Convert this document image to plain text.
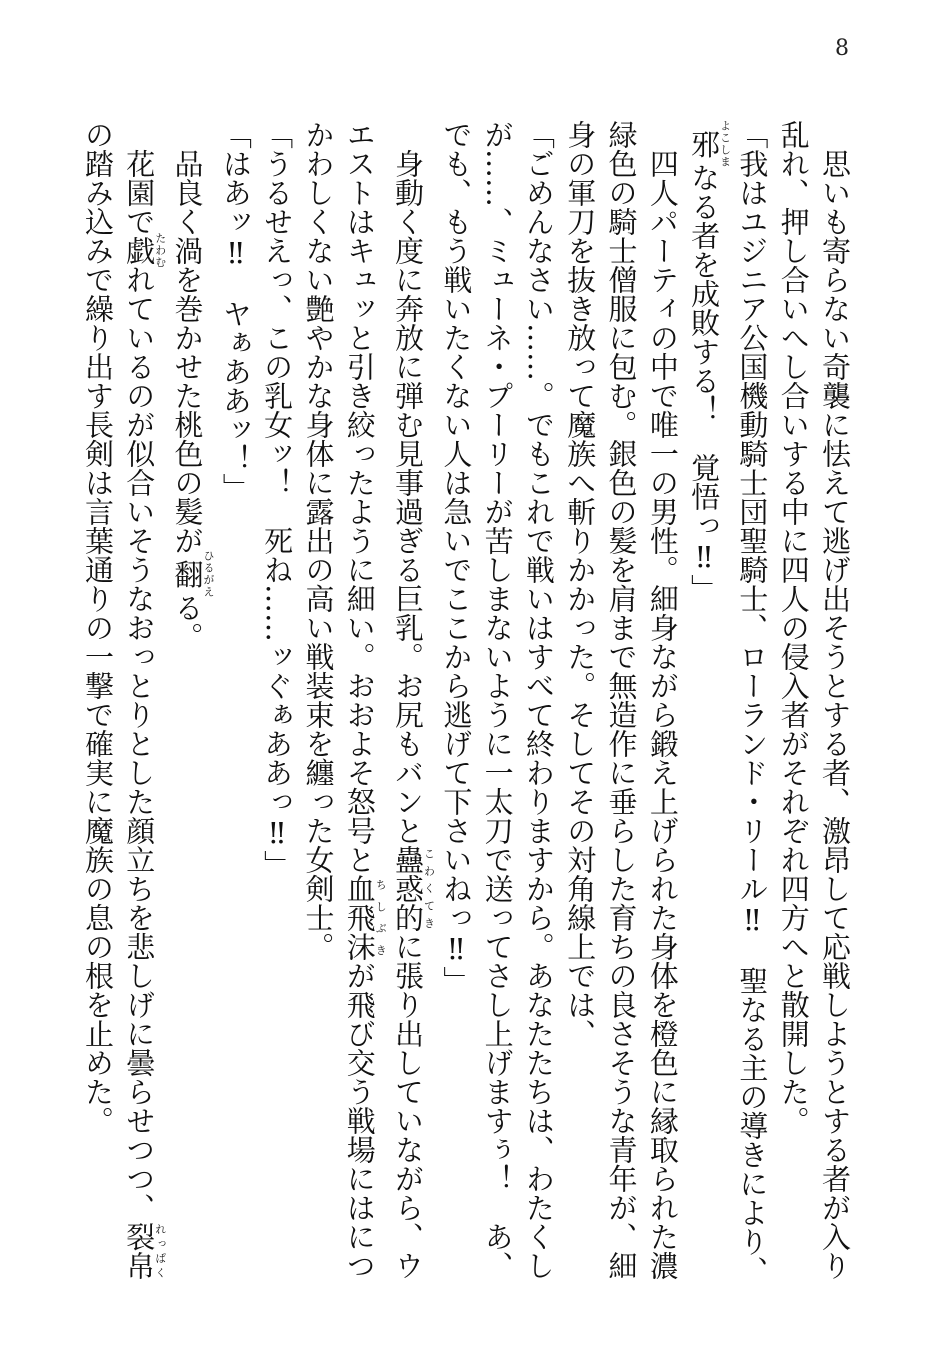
8
　思いも寄らない奇襲に怯えて逃げ出そうとする者、激昂して応戦しようとする者が入り
乱れ、押し合いへし合いする中に四人の侵入者がそれぞれ四方へと散開した。
「我はユジニア公国機動騎士団聖騎士、ローランド・リール‼　聖なる主の導きにより、
邪よこしまなる者を成敗する！　覚悟っ‼」
　四人パーティの中で唯一の男性。細身ながら鍛え上げられた身体を橙色に縁取られた濃
緑色の騎士僧服に包む。銀色の髪を肩まで無造作に垂らした育ちの良さそうな青年が、細
身の軍刀を抜き放って魔族へ斬りかかった。そしてその対角線上では、
「ごめんなさい……。でもこれで戦いはすべて終わりますから。あなたたちは、わたくし
が……、ミューネ・プーリーが苦しまないように一太刀で送ってさし上げますぅ！　あ、
でも、もう戦いたくない人は急いでここから逃げて下さいねっ‼」
　身動く度に奔放に弾む見事過ぎる巨乳。お尻もバンと蠱惑的こわくてきに張り出していながら、ウ
エストはキュッと引き絞ったように細い。おおよそ怒号と血飛沫ちしぶきが飛び交う戦場にはにつ
かわしくない艶やかな身体に露出の高い戦装束を纏った女剣士。
「うるせえっ、この乳女ッ！　死ね……ッぐぁああっ‼」
「はあッ‼　ヤぁああッ！」
　品良く渦を巻かせた桃色の髪が翻ひるがえる。
　花園で戯たわむれているのが似合いそうなおっとりとした顔立ちを悲しげに曇らせつつ、裂帛れっぱく
の踏み込みで繰り出す長剣は言葉通りの一撃で確実に魔族の息の根を止めた。
